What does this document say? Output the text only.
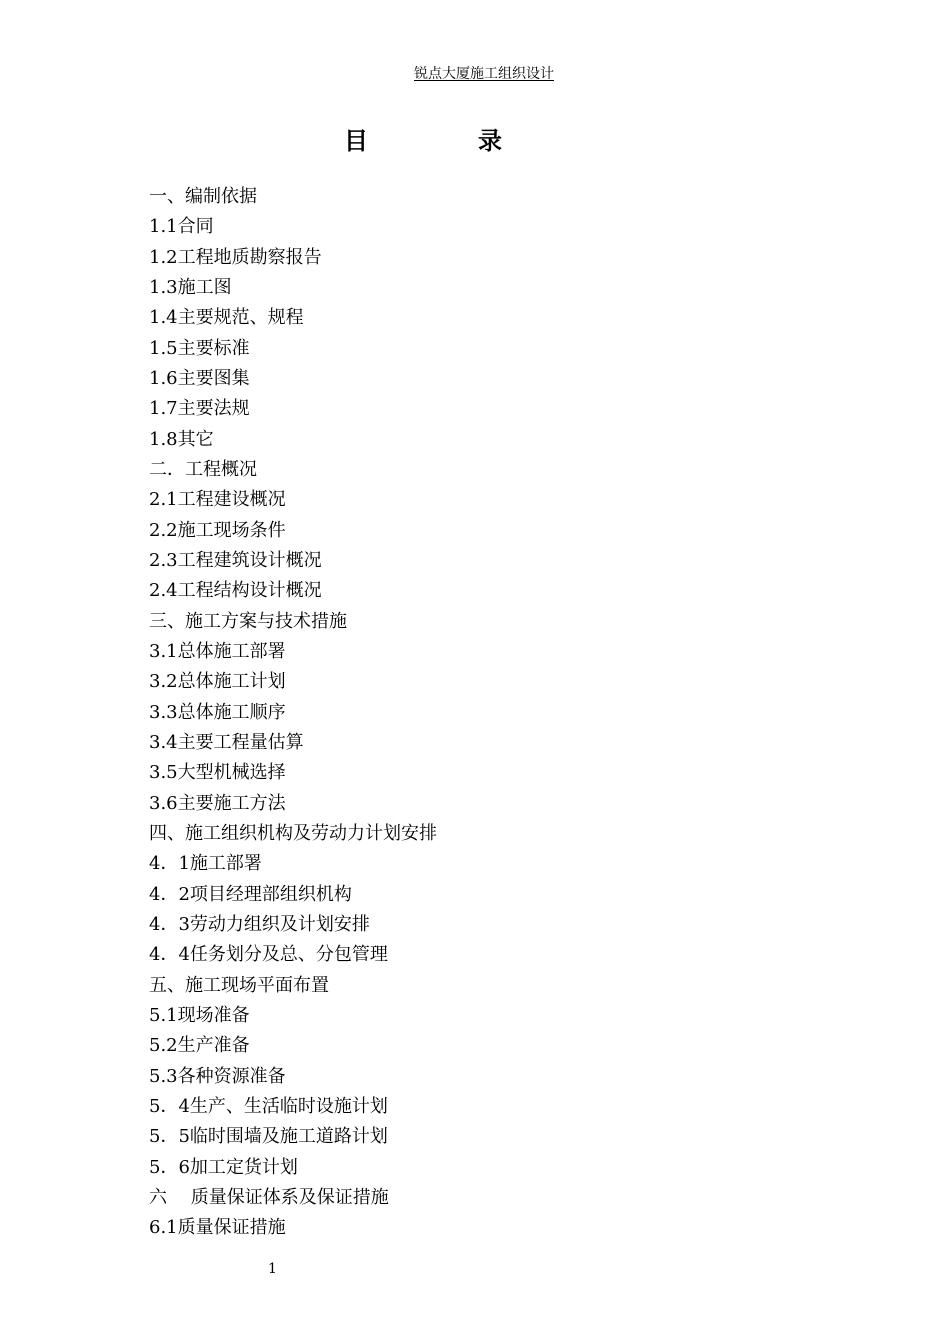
锐点大厦施工组织设计
目	录
一、编制依据
1.1合同
1.2工程地质勘察报告
1.3施工图
1.4主要规范、规程
1.5主要标准
1.6主要图集
1.7主要法规
1.8其它
二．工程概况
2.1工程建设概况
2.2施工现场条件
2.3工程建筑设计概况
2.4工程结构设计概况
三、施工方案与技术措施
3.1总体施工部署
3.2总体施工计划
3.3总体施工顺序
3.4主要工程量估算
3.5大型机械选择
3.6主要施工方法
四、施工组织机构及劳动力计划安排
4．1施工部署
4．2项目经理部组织机构
4．3劳动力组织及计划安排
4．4任务划分及总、分包管理
五、施工现场平面布置
5.1现场准备
5.2生产准备
5.3各种资源准备
5．4生产、生活临时设施计划
5．5临时围墙及施工道路计划
5．6加工定货计划
六　 质量保证体系及保证措施
6.1质量保证措施
1
